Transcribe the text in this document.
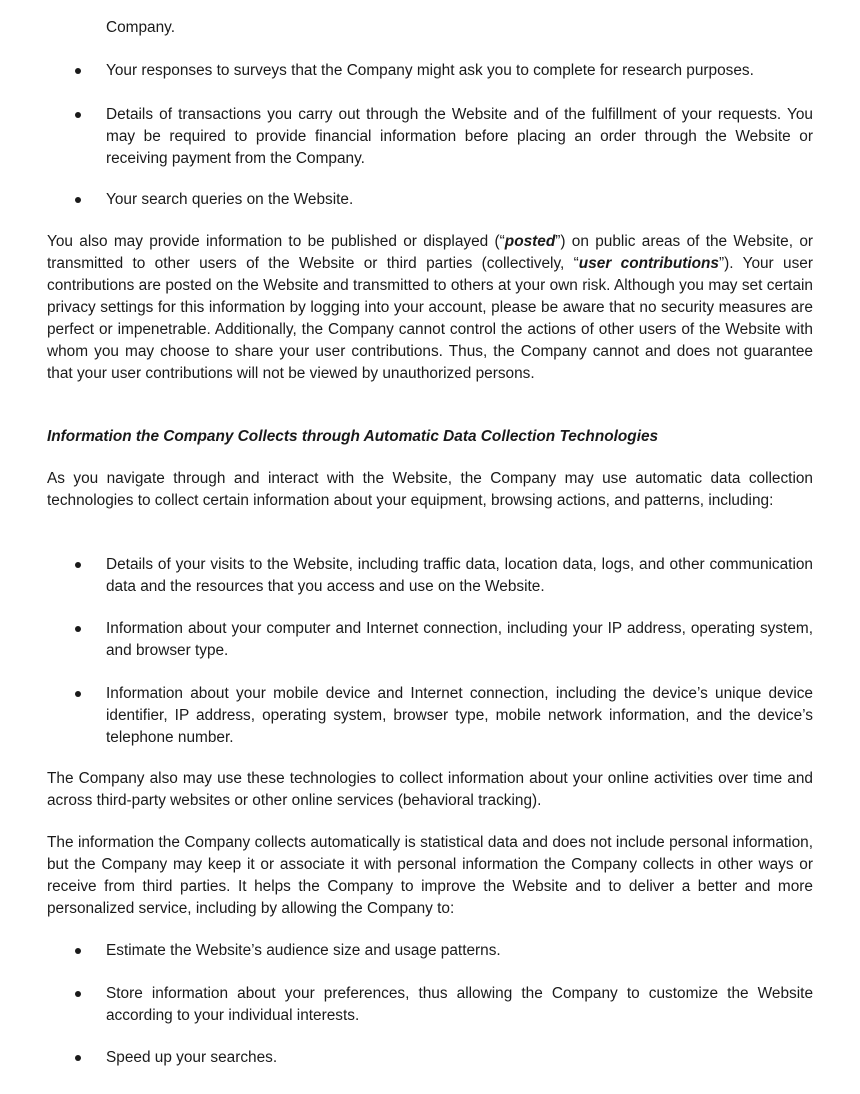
Company.

Your responses to surveys that the Company might ask you to complete for research purposes.

Details of transactions you carry out through the Website and of the fulfillment of your requests. You may be required to provide financial information before placing an order through the Website or receiving payment from the Company.

Your search queries on the Website.

You also may provide information to be published or displayed (“posted”) on public areas of the Website, or transmitted to other users of the Website or third parties (collectively, “user contributions”). Your user contributions are posted on the Website and transmitted to others at your own risk. Although you may set certain privacy settings for this information by logging into your account, please be aware that no security measures are perfect or impenetrable. Additionally, the Company cannot control the actions of other users of the Website with whom you may choose to share your user contributions. Thus, the Company cannot and does not guarantee that your user contributions will not be viewed by unauthorized persons.

Information the Company Collects through Automatic Data Collection Technologies

As you navigate through and interact with the Website, the Company may use automatic data collection technologies to collect certain information about your equipment, browsing actions, and patterns, including:

Details of your visits to the Website, including traffic data, location data, logs, and other communication data and the resources that you access and use on the Website.

Information about your computer and Internet connection, including your IP address, operating system, and browser type.

Information about your mobile device and Internet connection, including the device’s unique device identifier, IP address, operating system, browser type, mobile network information, and the device’s telephone number.

The Company also may use these technologies to collect information about your online activities over time and across third-party websites or other online services (behavioral tracking).

The information the Company collects automatically is statistical data and does not include personal information, but the Company may keep it or associate it with personal information the Company collects in other ways or receive from third parties. It helps the Company to improve the Website and to deliver a better and more personalized service, including by allowing the Company to:

Estimate the Website’s audience size and usage patterns.

Store information about your preferences, thus allowing the Company to customize the Website according to your individual interests.

Speed up your searches.
